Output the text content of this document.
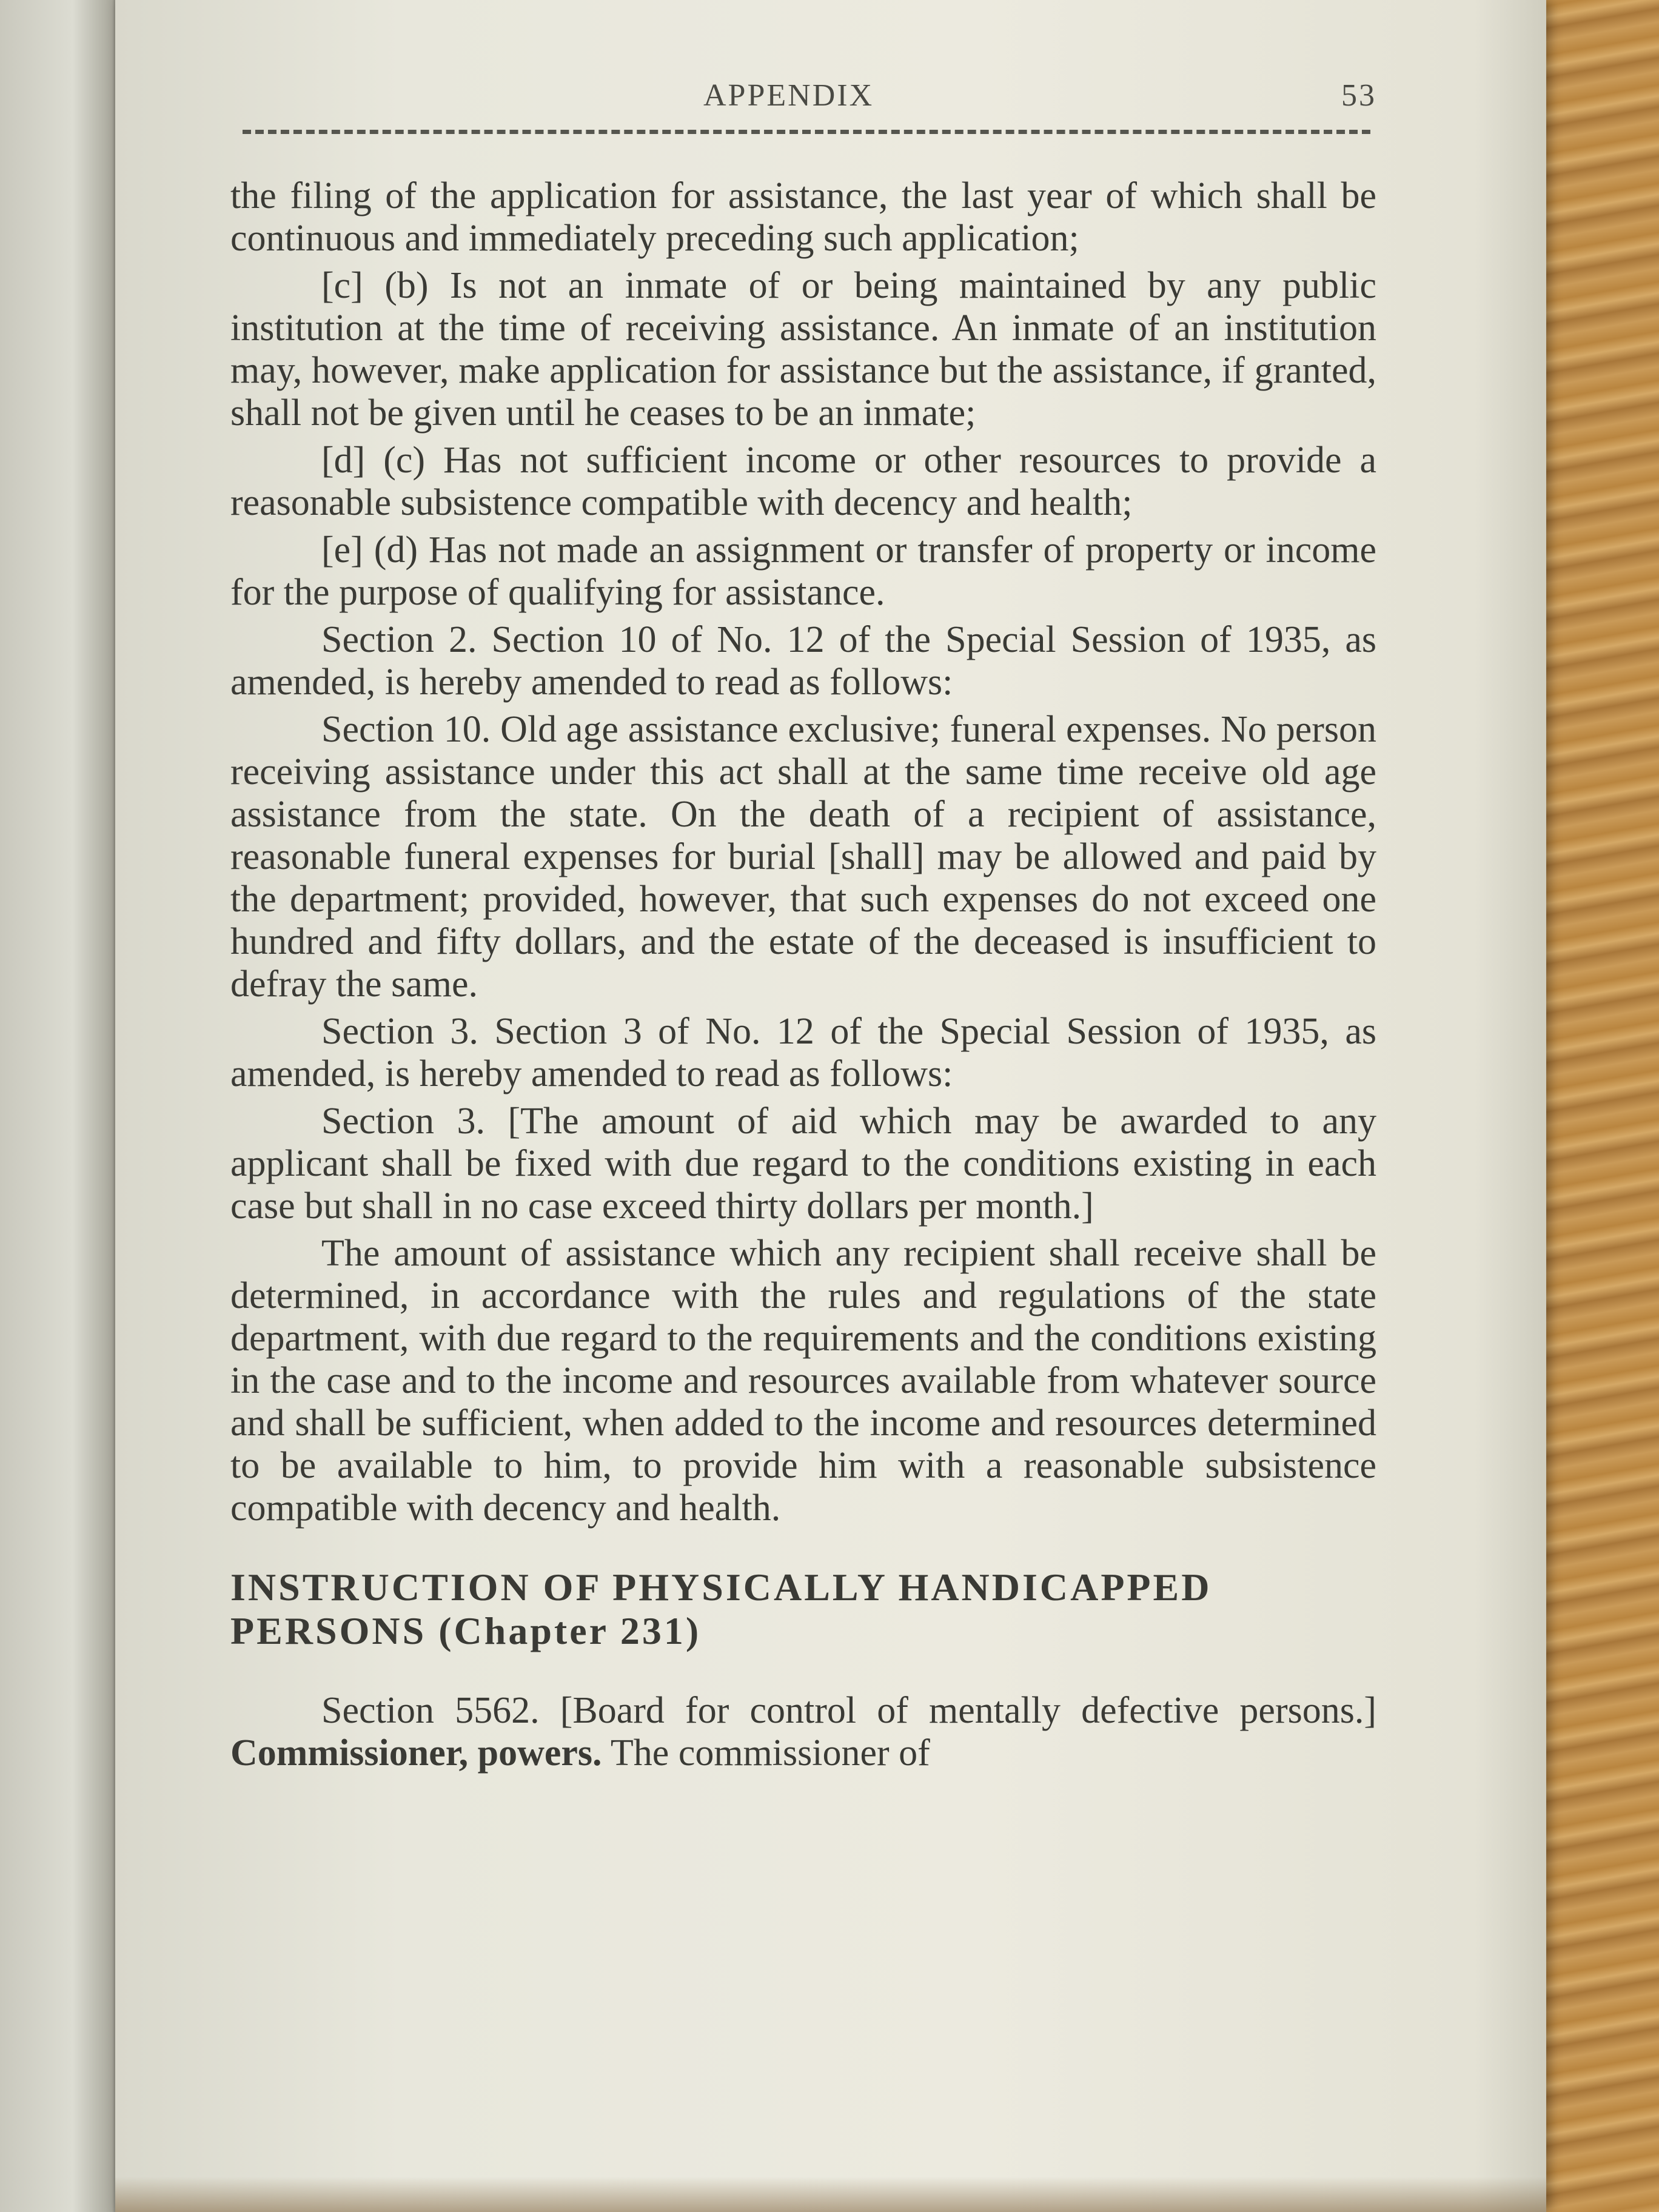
APPENDIX	53

the filing of the application for assistance, the last year of which shall be continuous and immediately preceding such application;

[c] (b) Is not an inmate of or being maintained by any public institution at the time of receiving assistance. An inmate of an institution may, however, make application for assistance but the assistance, if granted, shall not be given until he ceases to be an inmate;

[d] (c) Has not sufficient income or other resources to provide a reasonable subsistence compatible with decency and health;

[e] (d) Has not made an assignment or transfer of property or income for the purpose of qualifying for assistance.

Section 2. Section 10 of No. 12 of the Special Session of 1935, as amended, is hereby amended to read as follows:

Section 10. Old age assistance exclusive; funeral expenses. No person receiving assistance under this act shall at the same time receive old age assistance from the state. On the death of a recipient of assistance, reasonable funeral expenses for burial [shall] may be allowed and paid by the department; provided, however, that such expenses do not exceed one hundred and fifty dollars, and the estate of the deceased is insufficient to defray the same.

Section 3. Section 3 of No. 12 of the Special Session of 1935, as amended, is hereby amended to read as follows:

Section 3. [The amount of aid which may be awarded to any applicant shall be fixed with due regard to the conditions existing in each case but shall in no case exceed thirty dollars per month.]

The amount of assistance which any recipient shall receive shall be determined, in accordance with the rules and regulations of the state department, with due regard to the requirements and the conditions existing in the case and to the income and resources available from whatever source and shall be sufficient, when added to the income and resources determined to be available to him, to provide him with a reasonable subsistence compatible with decency and health.

INSTRUCTION OF PHYSICALLY HANDICAPPED PERSONS (Chapter 231)

Section 5562. [Board for control of mentally defective persons.] Commissioner, powers. The commissioner of
